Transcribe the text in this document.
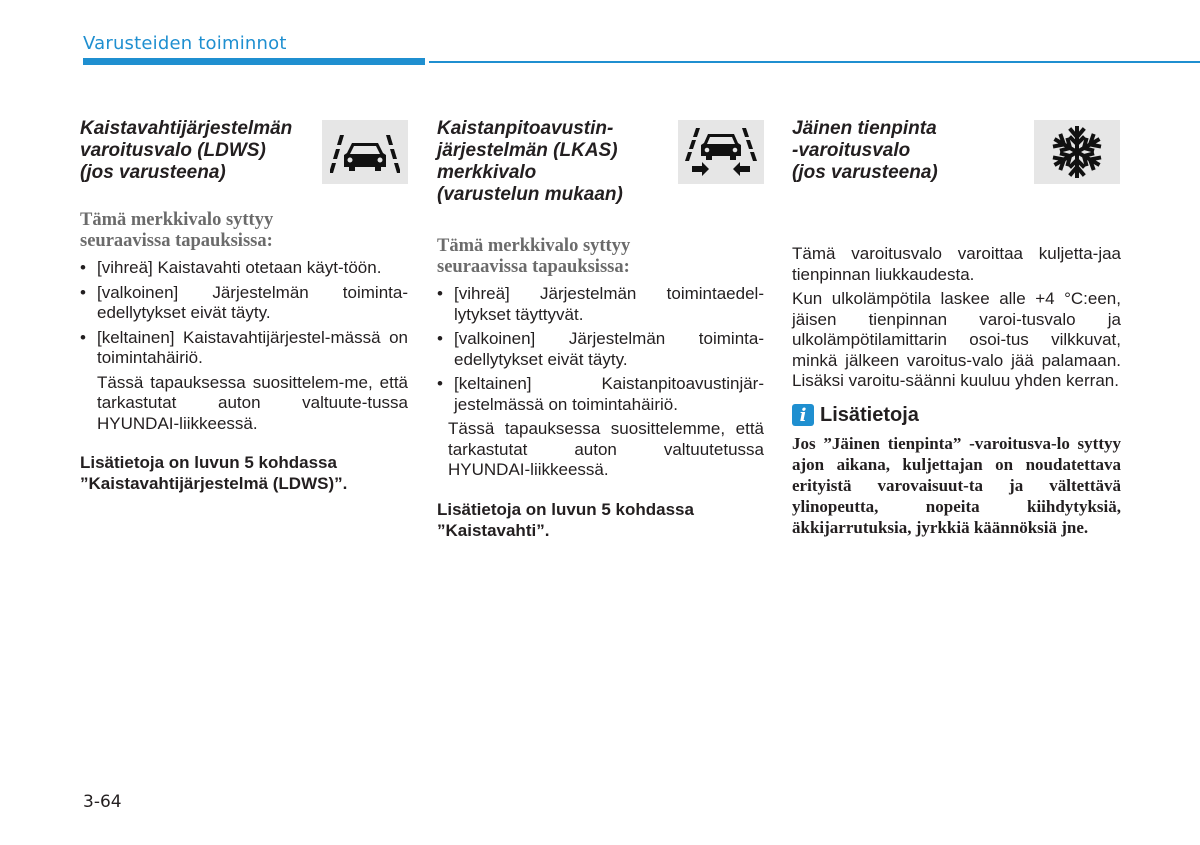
Varusteiden toiminnot
Kaistavahtijärjestelmän
varoitusvalo (LDWS)
(jos varusteena)

Tämä merkkivalo syttyy
seuraavissa tapauksissa:

• [vihreä] Kaistavahti otetaan käyt-töön.
• [valkoinen] Järjestelmän toiminta-edellytykset eivät täyty.
• [keltainen] Kaistavahtijärjestel-mässä on toimintahäiriö.

Tässä tapauksessa suosittelem-me, että tarkastutat auton valtuute-tussa HYUNDAI-liikkeessä.

Lisätietoja on luvun 5 kohdassa ”Kaistavahtijärjestelmä (LDWS)”.

Kaistanpitoavustin-
järjestelmän (LKAS)
merkkivalo
(varustelun mukaan)

Tämä merkkivalo syttyy
seuraavissa tapauksissa:

• [vihreä] Järjestelmän toimintaedel-lytykset täyttyvät.
• [valkoinen] Järjestelmän toiminta-edellytykset eivät täyty.
• [keltainen] Kaistanpitoavustinjär-jestelmässä on toimintahäiriö.

Tässä tapauksessa suosittelemme, että tarkastutat auton valtuutetussa HYUNDAI-liikkeessä.

Lisätietoja on luvun 5 kohdassa ”Kaistavahti”.

Jäinen tienpinta
-varoitusvalo
(jos varusteena)

Tämä varoitusvalo varoittaa kuljetta-jaa tienpinnan liukkaudesta.

Kun ulkolämpötila laskee alle +4 °C:een, jäisen tienpinnan varoi-tusvalo ja ulkolämpötilamittarin osoi-tus vilkkuvat, minkä jälkeen varoitus-valo jää palamaan. Lisäksi varoitu-säänni kuuluu yhden kerran.

i Lisätietoja

Jos ”Jäinen tienpinta” -varoitusva-lo syttyy ajon aikana, kuljettajan on noudatettava erityistä varovaisuut-ta ja vältettävä ylinopeutta, nopeita kiihdytyksiä, äkkijarrutuksia, jyrkkiä käännöksiä jne.

3-64
